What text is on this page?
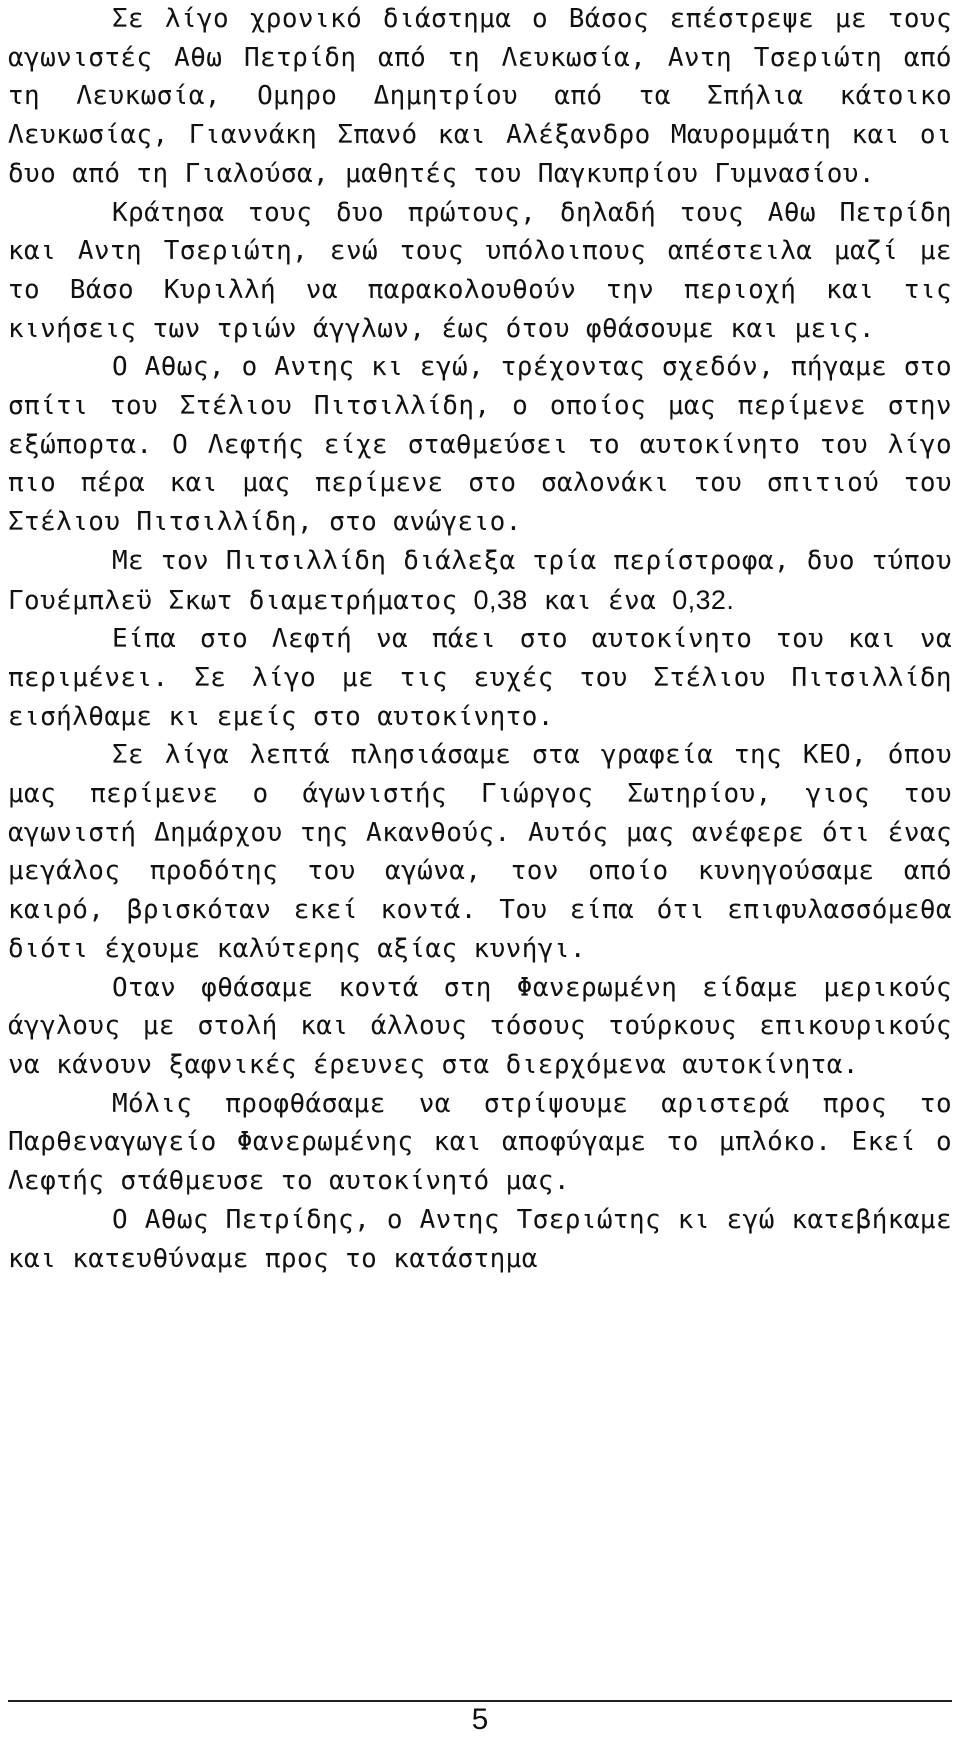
Σε λίγο χρονικό διάστημα ο Βάσος επέστρεψε με τους αγωνιστές Αθω Πετρίδη από τη Λευκωσία, Αντη Τσεριώτη από τη Λευκωσία, Ομηρο Δημητρίου από τα Σπήλια κάτοικο Λευκωσίας, Γιαννάκη Σπανό και Αλέξανδρο Μαυρομμάτη και οι δυο από τη Γιαλούσα, μαθητές του Παγκυπρίου Γυμνασίου.

Κράτησα τους δυο πρώτους, δηλαδή τους Αθω Πετρίδη και Αντη Τσεριώτη, ενώ τους υπόλοιπους απέστειλα μαζί με το Βάσο Κυριλλή να παρακολουθούν την περιοχή και τις κινήσεις των τριών άγγλων, έως ότου φθάσουμε και μεις.

Ο Αθως, ο Αντης κι εγώ, τρέχοντας σχεδόν, πήγαμε στο σπίτι του Στέλιου Πιτσιλλίδη, ο οποίος μας περίμενε στην εξώπορτα. Ο Λεφτής είχε σταθμεύσει το αυτοκίνητο του λίγο πιο πέρα και μας περίμενε στο σαλονάκι του σπιτιού του Στέλιου Πιτσιλλίδη, στο ανώγειο.

Με τον Πιτσιλλίδη διάλεξα τρία περίστροφα, δυο τύπου Γουέμπλεϋ Σκωτ διαμετρήματος 0,38 και ένα 0,32.

Είπα στο Λεφτή να πάει στο αυτοκίνητο του και να περιμένει. Σε λίγο με τις ευχές του Στέλιου Πιτσιλλίδη εισήλθαμε κι εμείς στο αυτοκίνητο.

Σε λίγα λεπτά πλησιάσαμε στα γραφεία της ΚΕΟ, όπου μας περίμενε ο άγωνιστής Γιώργος Σωτηρίου, γιος του αγωνιστή Δημάρχου της Ακανθούς. Αυτός μας ανέφερε ότι ένας μεγάλος προδότης του αγώνα, τον οποίο κυνηγούσαμε από καιρό, βρισκόταν εκεί κοντά. Του είπα ότι επιφυλασσόμεθα διότι έχουμε καλύτερης αξίας κυνήγι.

Οταν φθάσαμε κοντά στη Φανερωμένη είδαμε μερικούς άγγλους με στολή και άλλους τόσους τούρκους επικουρικούς να κάνουν ξαφνικές έρευνες στα διερχόμενα αυτοκίνητα.

Μόλις προφθάσαμε να στρίψουμε αριστερά προς το Παρθεναγωγείο Φανερωμένης και αποφύγαμε το μπλόκο. Εκεί ο Λεφτής στάθμευσε το αυτοκίνητό μας.

Ο Αθως Πετρίδης, ο Αντης Τσεριώτης κι εγώ κατεβήκαμε και κατευθύναμε προς το κατάστημα

5
